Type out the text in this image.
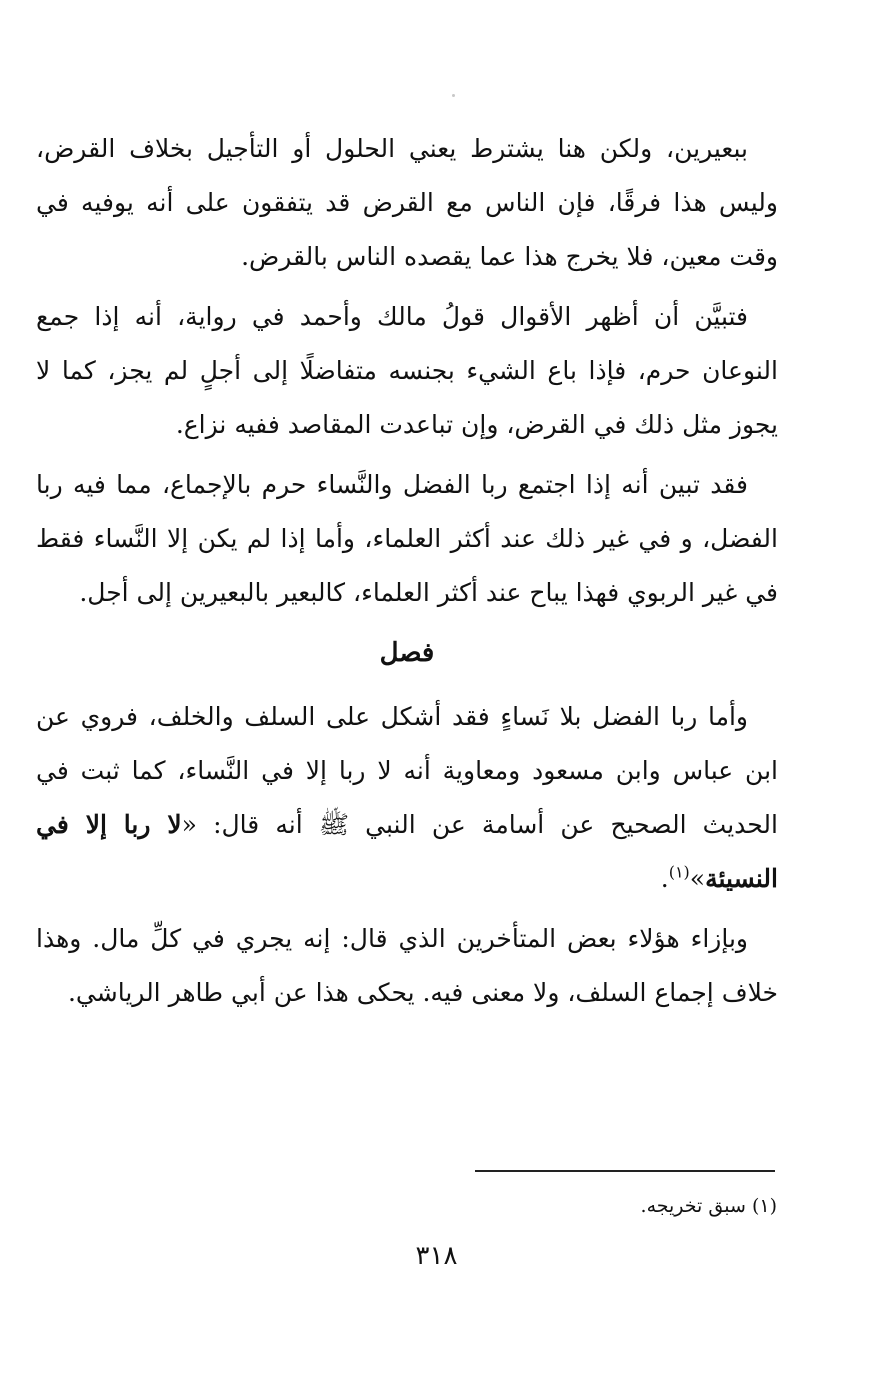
ببعيرين، ولكن هنا يشترط يعني الحلول أو التأجيل بخلاف القرض، وليس هذا فرقًا، فإن الناس مع القرض قد يتفقون على أنه يوفيه في وقت معين، فلا يخرج هذا عما يقصده الناس بالقرض.

فتبيَّن أن أظهر الأقوال قولُ مالك وأحمد في رواية، أنه إذا جمع النوعان حرم، فإذا باع الشيء بجنسه متفاضلًا إلى أجلٍ لم يجز، كما لا يجوز مثل ذلك في القرض، وإن تباعدت المقاصد ففيه نزاع.

فقد تبين أنه إذا اجتمع ربا الفضل والنَّساء حرم بالإجماع، مما فيه ربا الفضل، و في غير ذلك عند أكثر العلماء، وأما إذا لم يكن إلا النَّساء فقط في غير الربوي فهذا يباح عند أكثر العلماء، كالبعير بالبعيرين إلى أجل.

فصل

وأما ربا الفضل بلا نَساءٍ فقد أشكل على السلف والخلف، فروي عن ابن عباس وابن مسعود ومعاوية أنه لا ربا إلا في النَّساء، كما ثبت في الحديث الصحيح عن أسامة عن النبي ﷺ أنه قال: «لا ربا إلا في النسيئة»$^{(١)}$.

وبإزاء هؤلاء بعض المتأخرين الذي قال: إنه يجري في كلِّ مال. وهذا خلاف إجماع السلف، ولا معنى فيه. يحكى هذا عن أبي طاهر الرياشي.

(١) سبق تخريجه.
٣١٨
